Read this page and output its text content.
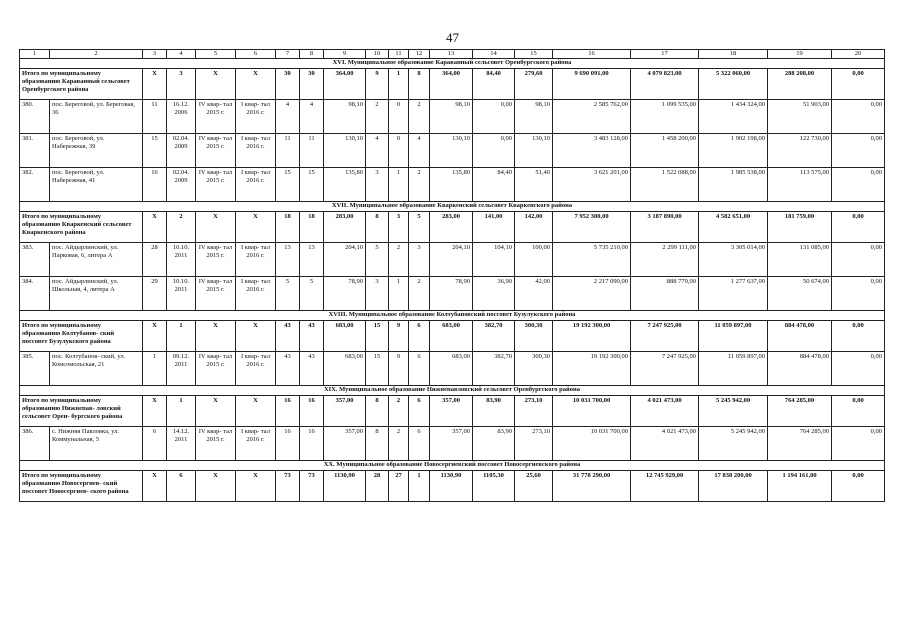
47
1	2	3	4	5	6	7	8	9	10	11	12	13	14	15	16	17	18	19	20
XVI. Муниципальное образование Караванный сельсовет Оренбургского района																			
Итого по муниципальному образованию Караванный сельсовет Оренбургского района		X	3	X	X	30	30	364,00	9	1	8	364,00	84,40	279,60	9 690 091,00	4 079 823,00	5 322 060,00	288 208,00	0,00
380.	пос. Береговой, ул. Береговая, 36	11	16.12. 2006	IV квар- тал 2015 г.	I квар- тал 2016 г.	4	4	98,10	2	0	2	98,10	0,00	98,10	2 585 762,00	1 099 535,00	1 434 324,00	51 903,00	0,00
381.	пос. Береговой, ул. Набережная, 39	15	02.04. 2009	IV квар- тал 2015 г.	I квар- тал 2016 г.	11	11	130,10	4	0	4	130,10	0,00	130,10	3 483 128,00	1 458 200,00	1 902 198,00	122 730,00	0,00
382.	пос. Береговой, ул. Набережная, 41	16	02.04. 2009	IV квар- тал 2015 г.	I квар- тал 2016 г.	15	15	135,80	3	1	2	135,80	84,40	51,40	3 621 201,00	1 522 088,00	1 985 538,00	113 575,00	0,00
XVII. Муниципальное образование Кваркенский сельсовет Кваркенского района																			
Итого по муниципальному образованию Кваркенский сельсовет Кваркенского района		X	2	X	X	18	18	283,00	8	3	5	283,00	141,00	142,00	7 952 300,00	3 187 890,00	4 582 651,00	181 759,00	0,00
383.	пос. Айдырлинский, ул. Парковая, 6, литера А	28	10.10. 2011	IV квар- тал 2015 г.	I квар- тал 2016 г.	13	13	204,10	5	2	3	204,10	104,10	100,00	5 735 210,00	2 299 111,00	3 305 014,00	131 085,00	0,00
384.	пос. Айдырлинский, ул. Школьная, 4, литера А	29	10.10. 2011	IV квар- тал 2015 г.	I квар- тал 2016 г.	5	5	78,90	3	1	2	78,90	36,90	42,00	2 217 090,00	888 779,00	1 277 637,00	50 674,00	0,00
XVIII. Муниципальное образование Колтубановский поссовет Бузулукского района																			
Итого по муниципальному образованию Колтубанов- ский поссовет Бузулукского района		X	1	X	X	43	43	683,00	15	9	6	683,00	382,70	300,30	19 192 300,00	7 247 925,00	11 059 897,00	884 478,00	0,00
385.	пос. Колтубанов- ский, ул. Комсомольская, 21	1	09.12. 2011	IV квар- тал 2015 г.	I квар- тал 2016 г.	43	43	683,00	15	9	6	683,00	382,70	300,30	19 192 300,00	7 247 925,00	11 059 897,00	884 478,00	0,00
XIX. Муниципальное образование Нижнепавловский сельсовет Оренбургского района																			
Итого по муниципальному образованию Нижнепав- ловский сельсовет Орен- бургского района		X	1	X	X	16	16	357,00	8	2	6	357,00	83,90	273,10	10 031 700,00	4 021 473,00	5 245 942,00	764 285,00	0,00
386.	с. Нижняя Павловка, ул. Коммунальная, 5	6	14.12. 2011	IV квар- тал 2015 г.	I квар- тал 2016 г.	16	16	357,00	8	2	6	357,00	83,90	273,10	10 031 700,00	4 021 473,00	5 245 942,00	764 285,00	0,00
XX. Муниципальное образование Новосергиевский поссовет Новосергиевского района																			
Итого по муниципальному образованию Новосергиев- ский поссовет Новосергиев- ского района		X	6	X	X	73	73	1130,90	28	27	1	1130,90	1105,30	25,60	31 778 290,00	12 745 929,00	17 838 200,00	1 194 161,00	0,00
